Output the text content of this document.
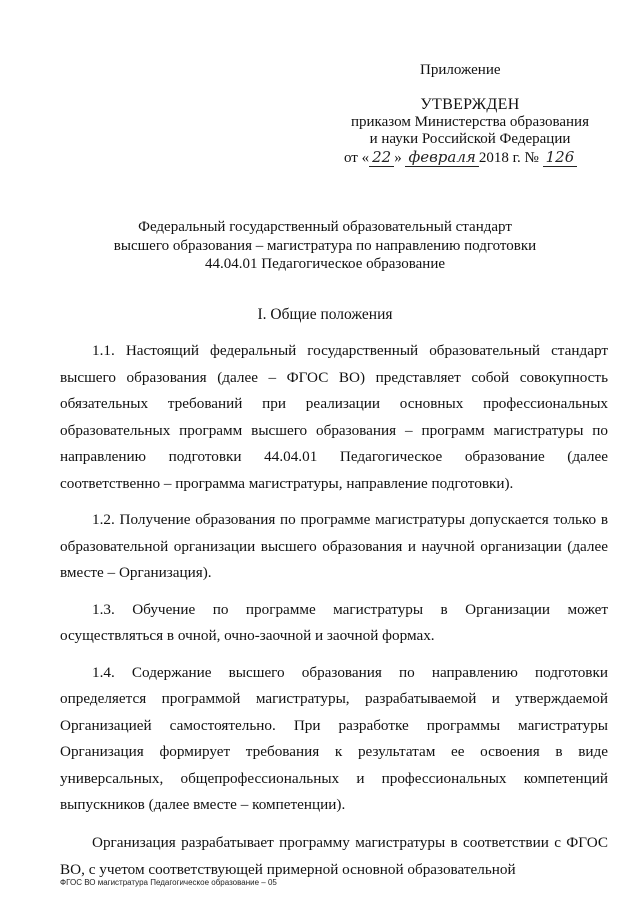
Приложение
УТВЕРЖДЕН
приказом Министерства образования
и науки Российской Федерации
от « 22 » февраля 2018 г. № 126
Федеральный государственный образовательный стандарт
высшего образования – магистратура по направлению подготовки
44.04.01 Педагогическое образование
I. Общие положения

1.1. Настоящий федеральный государственный образовательный стандарт высшего образования (далее – ФГОС ВО) представляет собой совокупность обязательных требований при реализации основных профессиональных образовательных программ высшего образования – программ магистратуры по направлению подготовки 44.04.01 Педагогическое образование (далее соответственно – программа магистратуры, направление подготовки).

1.2. Получение образования по программе магистратуры допускается только в образовательной организации высшего образования и научной организации (далее вместе – Организация).

1.3. Обучение по программе магистратуры в Организации может осуществляться в очной, очно-заочной и заочной формах.

1.4. Содержание высшего образования по направлению подготовки определяется программой магистратуры, разрабатываемой и утверждаемой Организацией самостоятельно. При разработке программы магистратуры Организация формирует требования к результатам ее освоения в виде универсальных, общепрофессиональных и профессиональных компетенций выпускников (далее вместе – компетенции).

Организация разрабатывает программу магистратуры в соответствии с ФГОС ВО, с учетом соответствующей примерной основной образовательной

ФГОС ВО магистратура Педагогическое образование – 05
